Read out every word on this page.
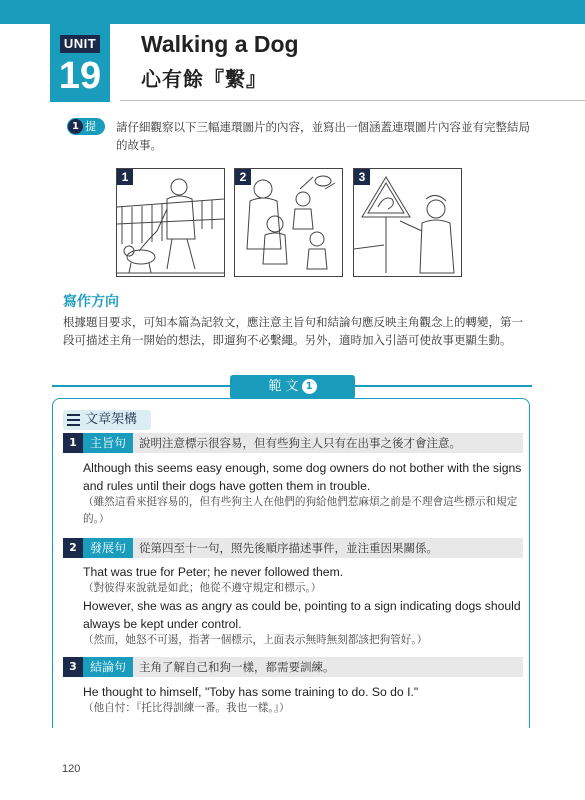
UNIT
19
Walking a Dog
心有餘『繫』
1 提示
請仔細觀察以下三幅連環圖片的內容，並寫出一個涵蓋連環圖片內容並有完整結局的故事。
1	2	3
寫作方向
根據題目要求，可知本篇為記敘文，應注意主旨句和結論句應反映主角觀念上的轉變，第一段可描述主角一開始的想法，即遛狗不必繫繩。另外，適時加入引語可使故事更顯生動。
範 文 1
文章架構
1	主旨句	說明注意標示很容易，但有些狗主人只有在出事之後才會注意。
Although this seems easy enough, some dog owners do not bother with the signs and rules until their dogs have gotten them in trouble.
（雖然這看來挺容易的，但有些狗主人在他們的狗給他們惹麻煩之前是不理會這些標示和規定的。）
2	發展句	從第四至十一句，照先後順序描述事件，並注重因果關係。
That was true for Peter; he never followed them.
（對彼得來說就是如此；他從不遵守規定和標示。）
However, she was as angry as could be, pointing to a sign indicating dogs should always be kept under control.
（然而，她怒不可遏，指著一個標示，上面表示無時無刻都該把狗管好。）
3	結論句	主角了解自己和狗一樣，都需要訓練。
He thought to himself, "Toby has some training to do. So do I."
（他自忖：『托比得訓練一番。我也一樣。』）
120
